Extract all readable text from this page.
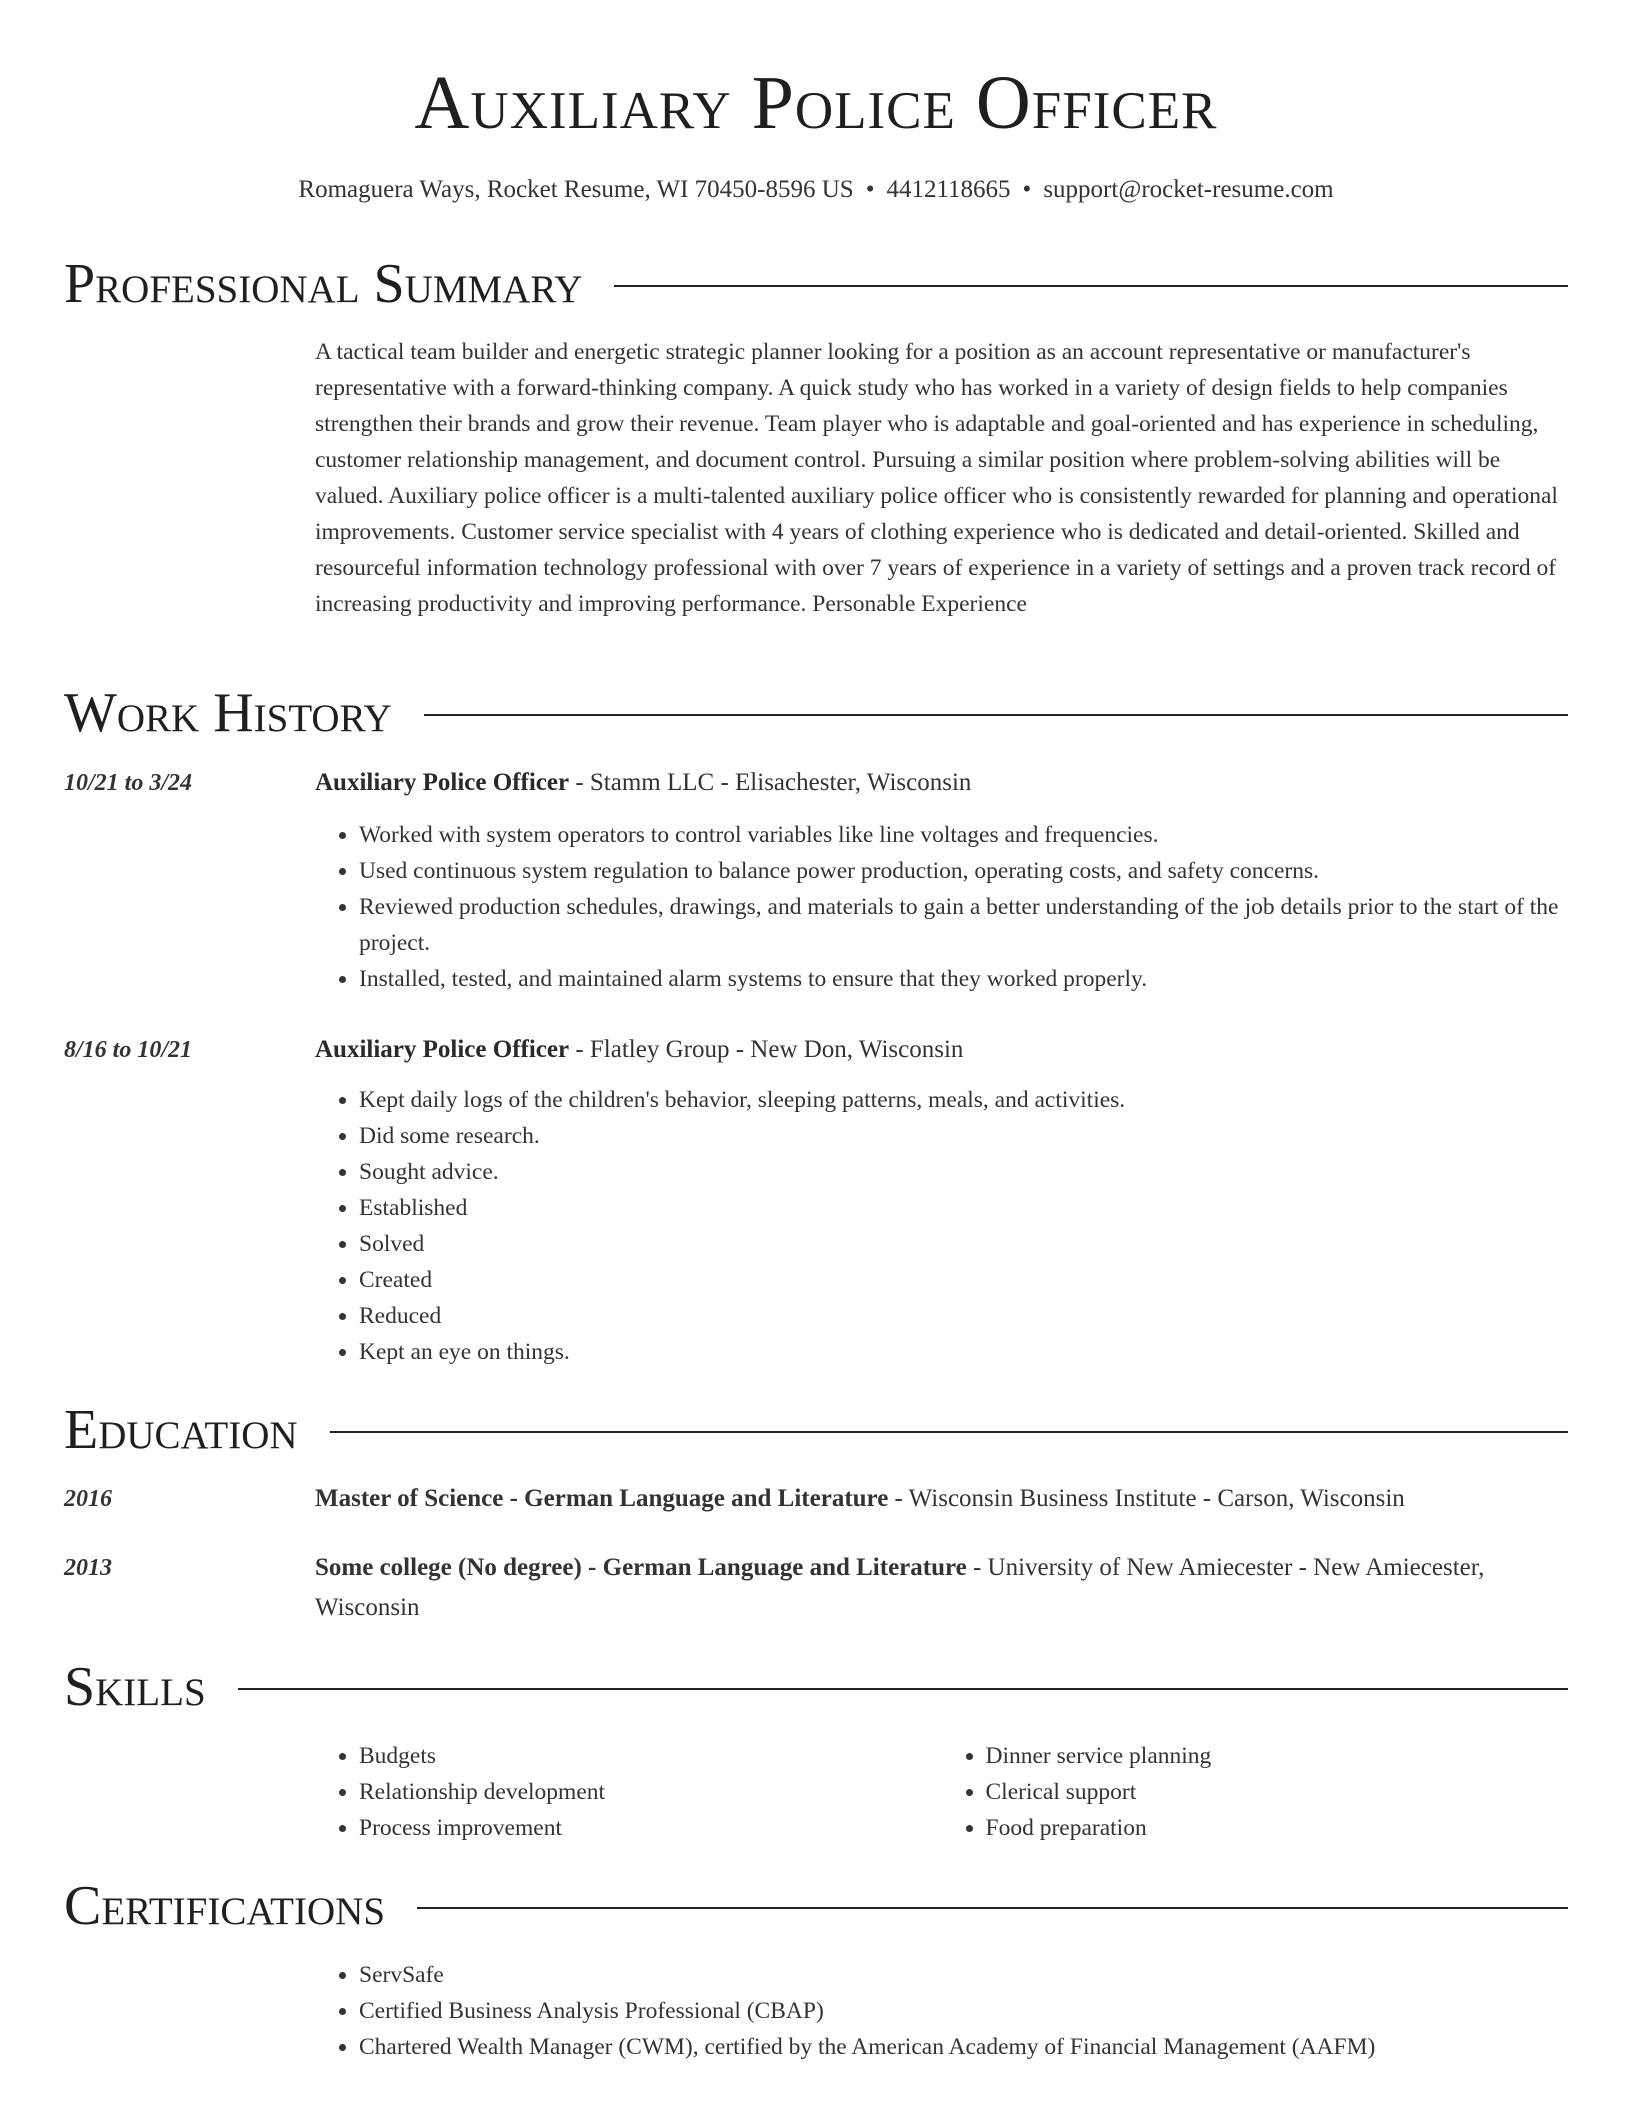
Auxiliary Police Officer
Romaguera Ways, Rocket Resume, WI 70450-8596 US • 4412118665 • support@rocket-resume.com
Professional Summary

A tactical team builder and energetic strategic planner looking for a position as an account representative or manufacturer's representative with a forward-thinking company. A quick study who has worked in a variety of design fields to help companies strengthen their brands and grow their revenue. Team player who is adaptable and goal-oriented and has experience in scheduling, customer relationship management, and document control. Pursuing a similar position where problem-solving abilities will be valued. Auxiliary police officer is a multi-talented auxiliary police officer who is consistently rewarded for planning and operational improvements. Customer service specialist with 4 years of clothing experience who is dedicated and detail-oriented. Skilled and resourceful information technology professional with over 7 years of experience in a variety of settings and a proven track record of increasing productivity and improving performance. Personable Experience

Work History
10/21 to 3/24	Auxiliary Police Officer - Stamm LLC - Elisachester, Wisconsin
• Worked with system operators to control variables like line voltages and frequencies.
• Used continuous system regulation to balance power production, operating costs, and safety concerns.
• Reviewed production schedules, drawings, and materials to gain a better understanding of the job details prior to the start of the project.
• Installed, tested, and maintained alarm systems to ensure that they worked properly.
8/16 to 10/21	Auxiliary Police Officer - Flatley Group - New Don, Wisconsin
• Kept daily logs of the children's behavior, sleeping patterns, meals, and activities.
• Did some research.
• Sought advice.
• Established
• Solved
• Created
• Reduced
• Kept an eye on things.
Education
2016	Master of Science - German Language and Literature - Wisconsin Business Institute - Carson, Wisconsin
2013	Some college (No degree) - German Language and Literature - University of New Amiecester - New Amiecester, Wisconsin
Skills
• Budgets
• Relationship development
• Process improvement
• Dinner service planning
• Clerical support
• Food preparation
Certifications
• ServSafe
• Certified Business Analysis Professional (CBAP)
• Chartered Wealth Manager (CWM), certified by the American Academy of Financial Management (AAFM)
